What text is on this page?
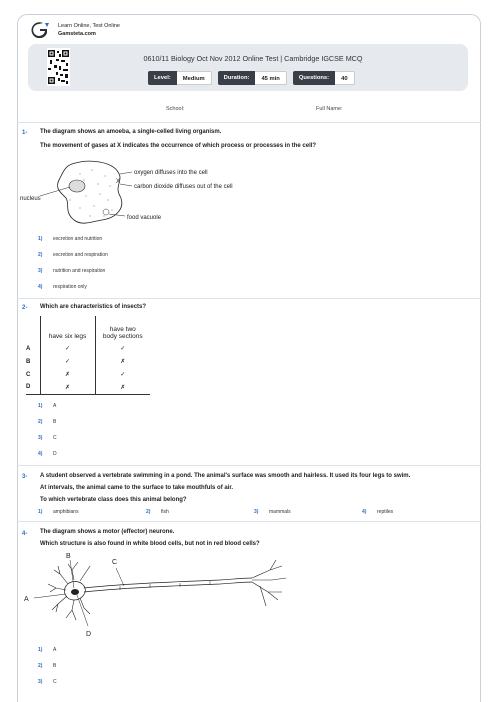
Learn Online, Test Online
Gamsteta.com
0610/11 Biology Oct Nov 2012 Online Test | Cambridge IGCSE MCQ
Level:	Medium	Duration:	45 min	Questions:	40
School:	Full Name:
1- The diagram shows an amoeba, a single-celled living organism.
The movement of gases at X indicates the occurrence of which process or processes in the cell?
oxygen diffuses into the cell
X
carbon dioxide diffuses out of the cell
nucleus
food vacuole
1) excretion and nutrition
2) excretion and respiration
3) nutrition and respiration
4) respiration only
2- Which are characteristics of insects?
	have six legs	have two
body sections

A	✓	✓
B	✓	✗
C	✗	✓
D	✗	✗
1) A
2) B
3) C
4) D
3- A student observed a vertebrate swimming in a pond. The animal's surface was smooth and hairless. It used its four legs to swim.
At intervals, the animal came to the surface to take mouthfuls of air.
To which vertebrate class does this animal belong?
1) amphibians	2) fish	3) mammals	4) reptiles
4- The diagram shows a motor (effector) neurone.
Which structure is also found in white blood cells, but not in red blood cells?
A
B
C
D
1) A
2) B
3) C
